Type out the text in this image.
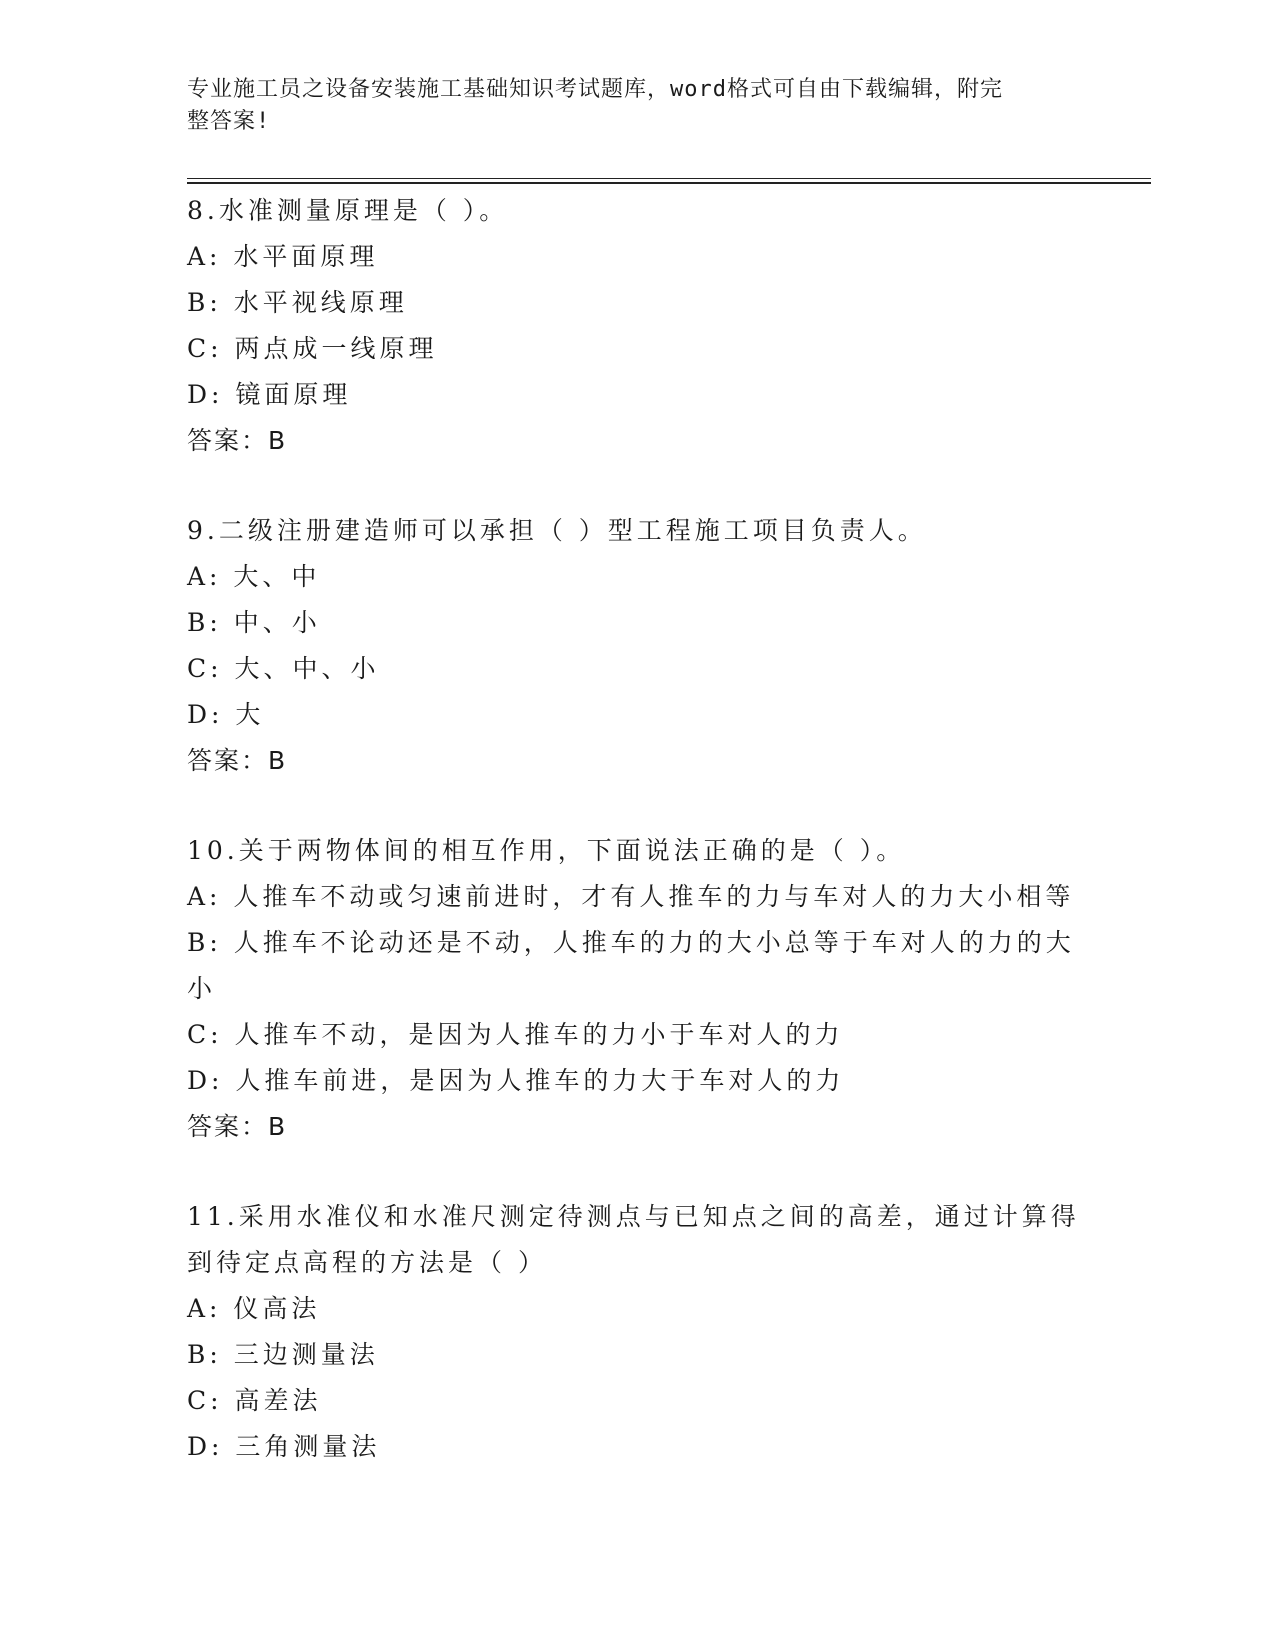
专业施工员之设备安装施工基础知识考试题库，word格式可自由下载编辑，附完
整答案!
8.水准测量原理是（ ）。
A: 水平面原理
B: 水平视线原理
C: 两点成一线原理
D: 镜面原理
答案：B
9.二级注册建造师可以承担（ ）型工程施工项目负责人。
A: 大、中
B: 中、小
C: 大、中、小
D: 大
答案：B
10.关于两物体间的相互作用，下面说法正确的是（ ）。
A: 人推车不动或匀速前进时，才有人推车的力与车对人的力大小相等
B: 人推车不论动还是不动，人推车的力的大小总等于车对人的力的大
小
C: 人推车不动，是因为人推车的力小于车对人的力
D: 人推车前进，是因为人推车的力大于车对人的力
答案：B
11.采用水准仪和水准尺测定待测点与已知点之间的高差，通过计算得
到待定点高程的方法是（ ）
A: 仪高法
B: 三边测量法
C: 高差法
D: 三角测量法
